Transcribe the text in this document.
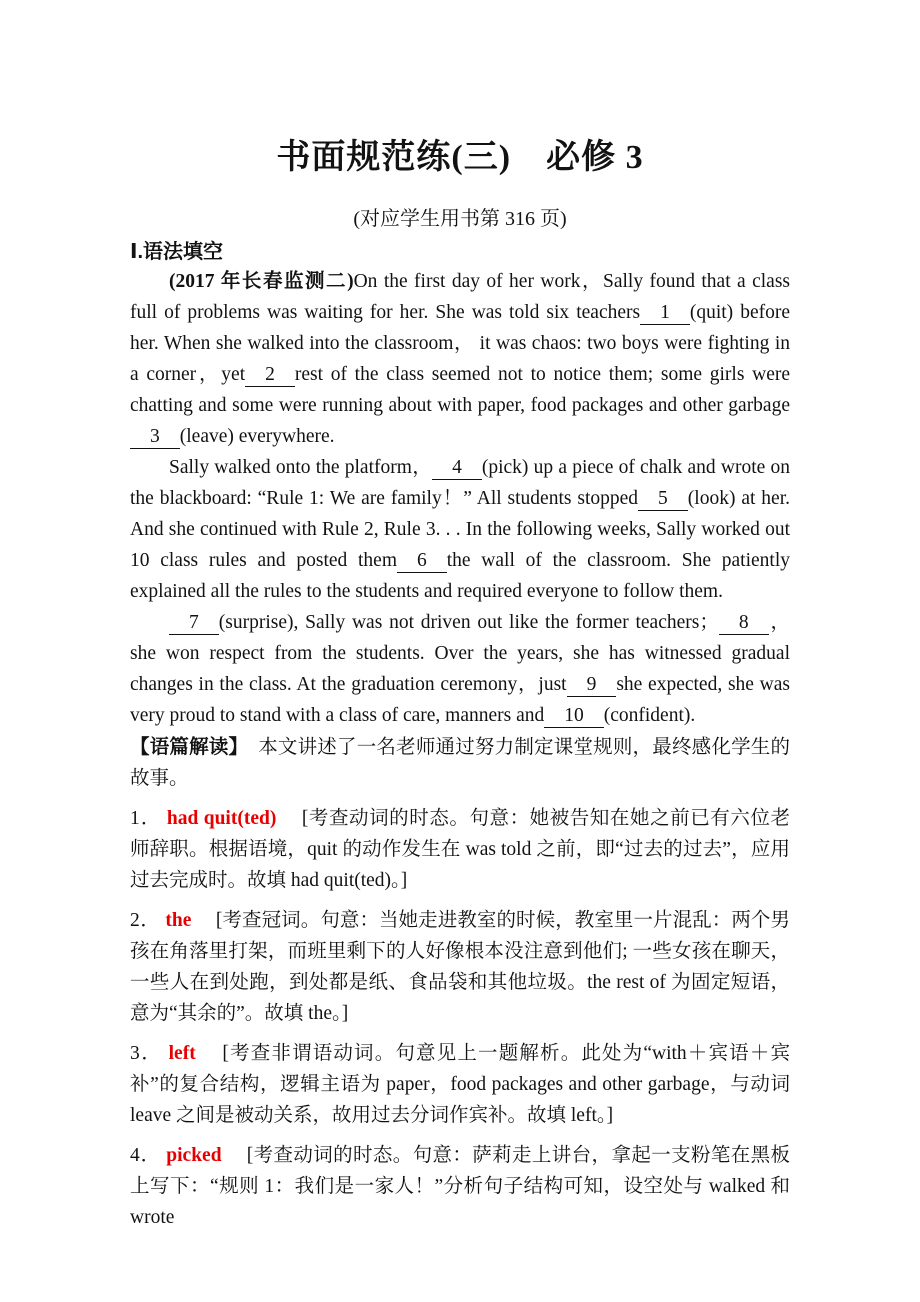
书面规范练(三)　必修 3
(对应学生用书第 316 页)
Ⅰ.语法填空

(2017 年长春监测二)On the first day of her work，Sally found that a class full of problems was waiting for her. She was told six teachers 1 (quit) before her. When she walked into the classroom， it was chaos: two boys were fighting in a corner，yet 2 rest of the class seemed not to notice them; some girls were chatting and some were running about with paper, food packages and other garbage3 (leave) everywhere.

Sally walked onto the platform， 4 (pick) up a piece of chalk and wrote on the blackboard: “Rule 1: We are family！” All students stopped 5 (look) at her. And she continued with Rule 2, Rule 3. . . In the following weeks, Sally worked out 10 class rules and posted them 6 the wall of the classroom. She patiently explained all the rules to the students and required everyone to follow them.

7 (surprise), Sally was not driven out like the former teachers； 8 ， she won respect from the students. Over the years, she has witnessed gradual changes in the class. At the graduation ceremony，just 9 she expected, she was very proud to stand with a class of care, manners and 10 (confident).

【语篇解读】　本文讲述了一名老师通过努力制定课堂规则，最终感化学生的故事。

1． had quit(ted) 　[考查动词的时态。句意：她被告知在她之前已有六位老师辞职。根据语境，quit 的动作发生在 was told 之前，即“过去的过去”，应用过去完成时。故填 had quit(ted)。]

2． the 　[考查冠词。句意：当她走进教室的时候，教室里一片混乱：两个男孩在角落里打架，而班里剩下的人好像根本没注意到他们; 一些女孩在聊天，一些人在到处跑，到处都是纸、食品袋和其他垃圾。the rest of 为固定短语，意为“其余的”。故填 the。]

3． left 　[考查非谓语动词。句意见上一题解析。此处为“with＋宾语＋宾补”的复合结构，逻辑主语为 paper，food packages and other garbage，与动词 leave 之间是被动关系，故用过去分词作宾补。故填 left。]

4． picked 　[考查动词的时态。句意：萨莉走上讲台，拿起一支粉笔在黑板上写下：“规则 1：我们是一家人！”分析句子结构可知，设空处与 walked 和 wrote
